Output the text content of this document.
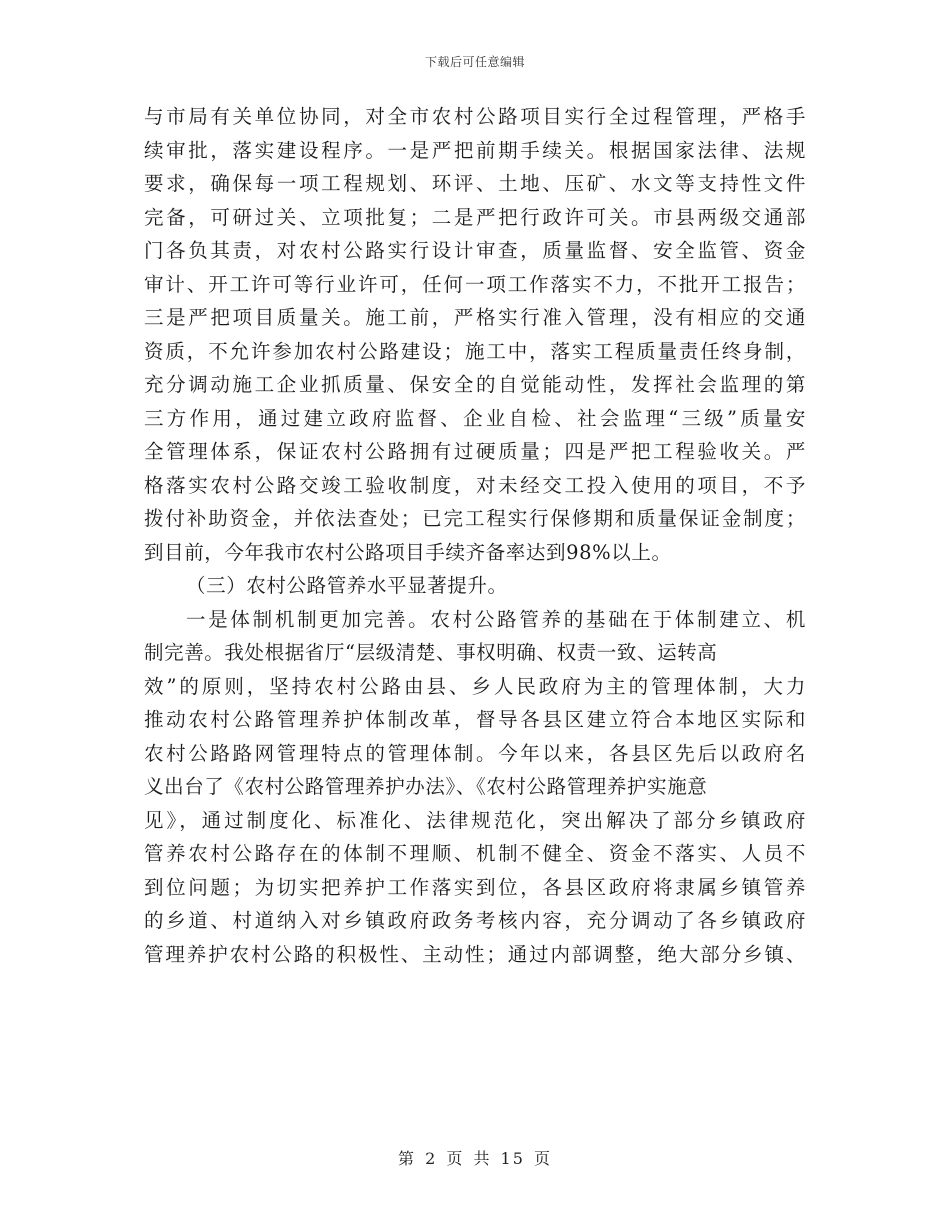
下载后可任意编辑
与市局有关单位协同，对全市农村公路项目实行全过程管理，严格手
续审批，落实建设程序。一是严把前期手续关。根据国家法律、法规
要求，确保每一项工程规划、环评、土地、压矿、水文等支持性文件
完备，可研过关、立项批复；二是严把行政许可关。市县两级交通部
门各负其责，对农村公路实行设计审查，质量监督、安全监管、资金
审计、开工许可等行业许可，任何一项工作落实不力，不批开工报告；
三是严把项目质量关。施工前，严格实行准入管理，没有相应的交通
资质，不允许参加农村公路建设；施工中，落实工程质量责任终身制，
充分调动施工企业抓质量、保安全的自觉能动性，发挥社会监理的第
三方作用，通过建立政府监督、企业自检、社会监理“三级”质量安
全管理体系，保证农村公路拥有过硬质量；四是严把工程验收关。严
格落实农村公路交竣工验收制度，对未经交工投入使用的项目，不予
拨付补助资金，并依法查处；已完工程实行保修期和质量保证金制度；
到目前，今年我市农村公路项目手续齐备率达到98%以上。
（三）农村公路管养水平显著提升。
一是体制机制更加完善。农村公路管养的基础在于体制建立、机
制完善。我处根据省厅“层级清楚、事权明确、权责一致、运转高
效”的原则，坚持农村公路由县、乡人民政府为主的管理体制，大力
推动农村公路管理养护体制改革，督导各县区建立符合本地区实际和
农村公路路网管理特点的管理体制。今年以来，各县区先后以政府名
义出台了《农村公路管理养护办法》、《农村公路管理养护实施意
见》，通过制度化、标准化、法律规范化，突出解决了部分乡镇政府
管养农村公路存在的体制不理顺、机制不健全、资金不落实、人员不
到位问题；为切实把养护工作落实到位，各县区政府将隶属乡镇管养
的乡道、村道纳入对乡镇政府政务考核内容，充分调动了各乡镇政府
管理养护农村公路的积极性、主动性；通过内部调整，绝大部分乡镇、
第 2 页 共 15 页
